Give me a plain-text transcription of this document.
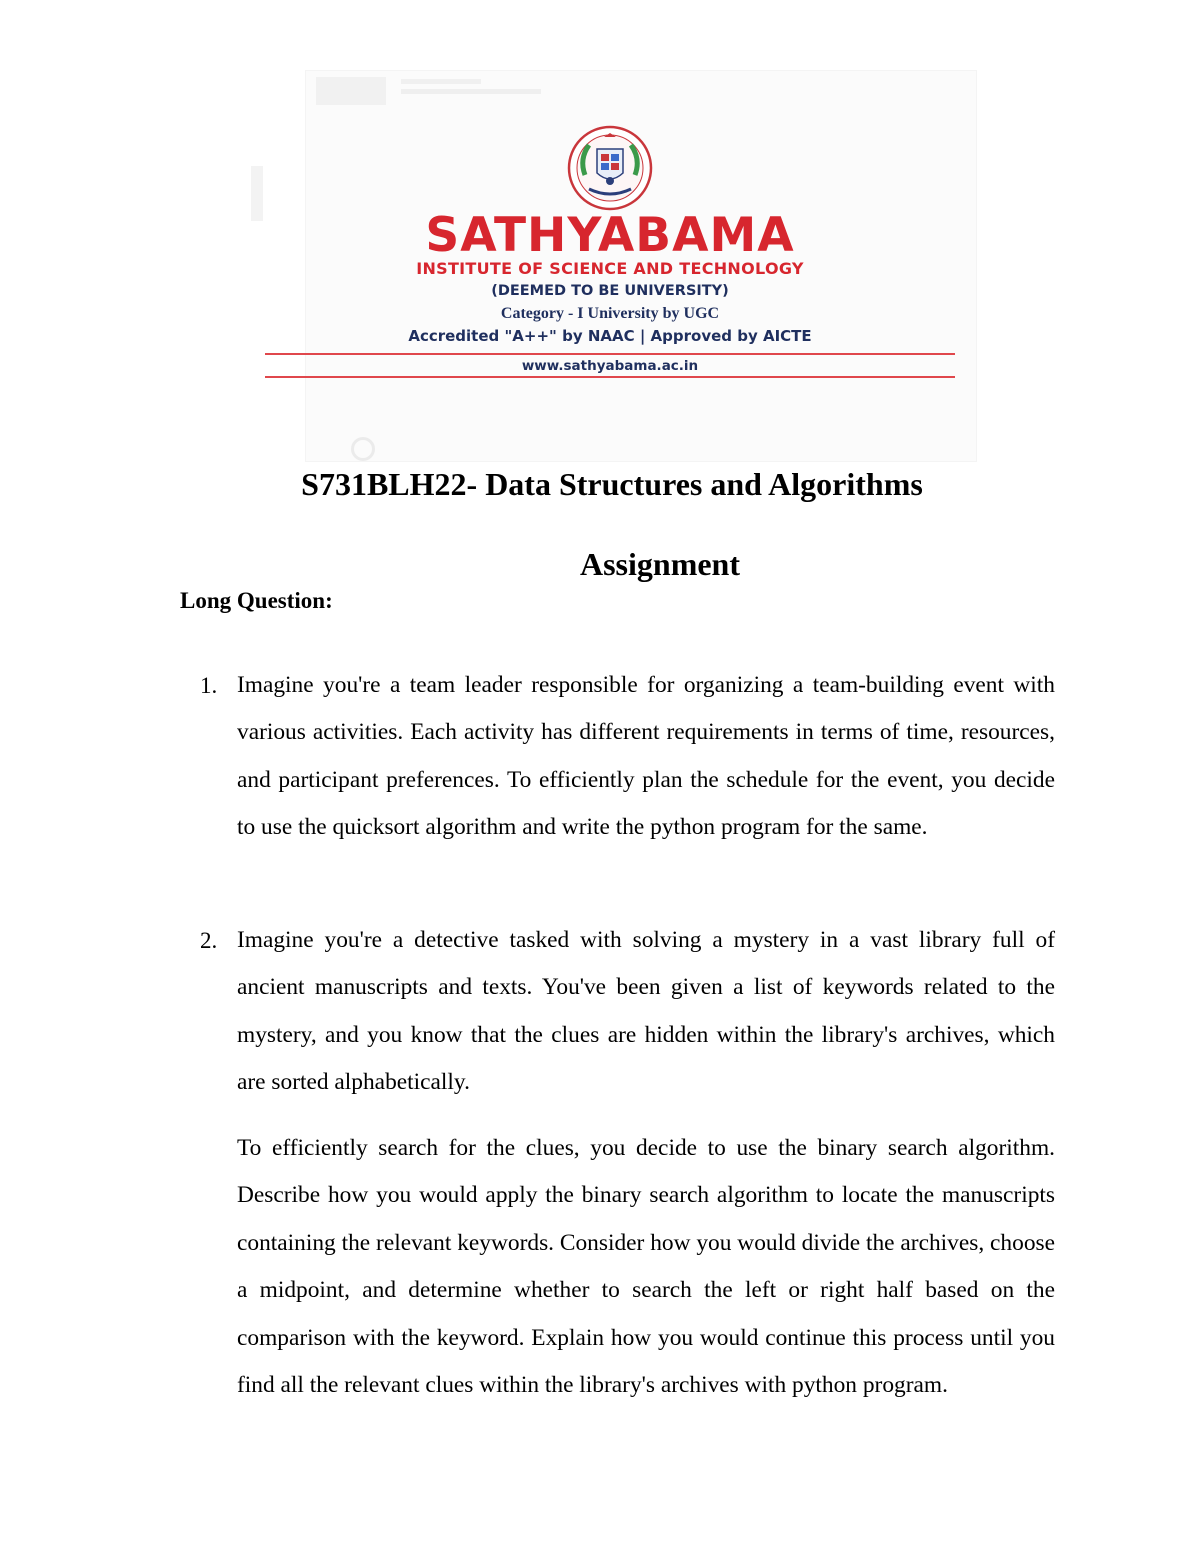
SATHYABAMA
INSTITUTE OF SCIENCE AND TECHNOLOGY
(DEEMED TO BE UNIVERSITY)
Category - I University by UGC
Accredited "A++" by NAAC | Approved by AICTE
www.sathyabama.ac.in
S731BLH22- Data Structures and Algorithms
Assignment
Long Question:
1. Imagine you're a team leader responsible for organizing a team-building event with various activities. Each activity has different requirements in terms of time, resources, and participant preferences. To efficiently plan the schedule for the event, you decide to use the quicksort algorithm and write the python program for the same.

2. Imagine you're a detective tasked with solving a mystery in a vast library full of ancient manuscripts and texts. You've been given a list of keywords related to the mystery, and you know that the clues are hidden within the library's archives, which are sorted alphabetically.

To efficiently search for the clues, you decide to use the binary search algorithm. Describe how you would apply the binary search algorithm to locate the manuscripts containing the relevant keywords. Consider how you would divide the archives, choose a midpoint, and determine whether to search the left or right half based on the comparison with the keyword. Explain how you would continue this process until you find all the relevant clues within the library's archives with python program.
